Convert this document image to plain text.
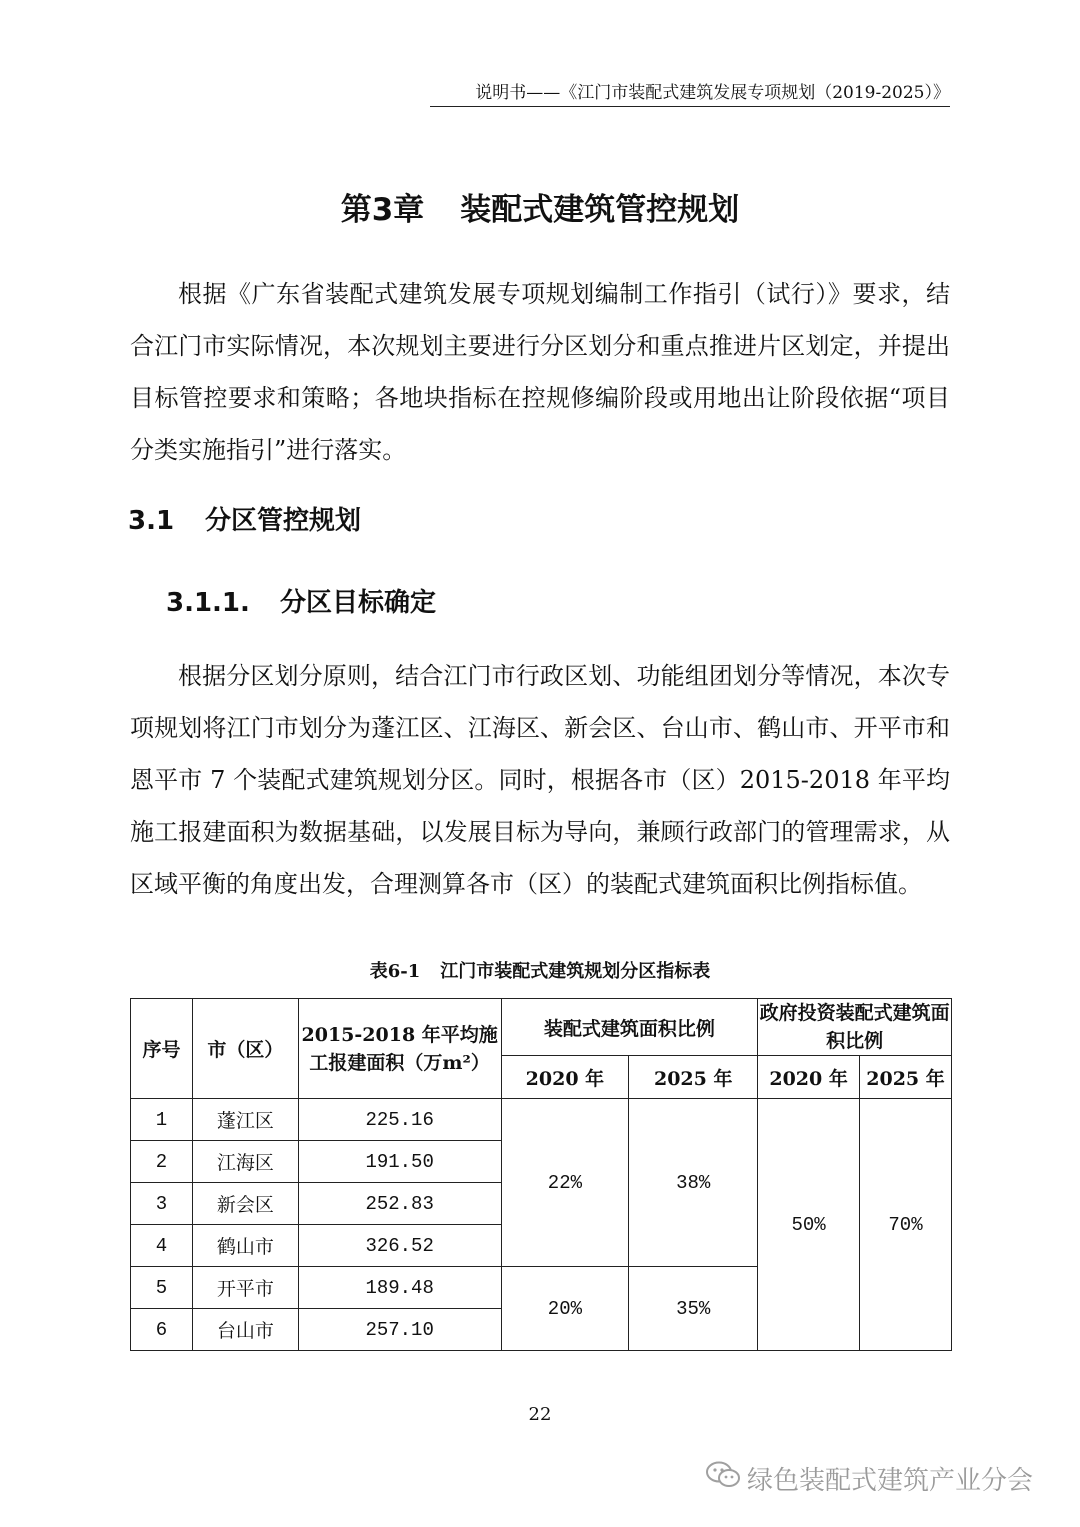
说明书——《江门市装配式建筑发展专项规划（2019-2025）》
第3章 装配式建筑管控规划

根据《广东省装配式建筑发展专项规划编制工作指引（试行）》要求，结合江门市实际情况，本次规划主要进行分区划分和重点推进片区划定，并提出目标管控要求和策略；各地块指标在控规修编阶段或用地出让阶段依据“项目分类实施指引”进行落实。

3.1 分区管控规划
3.1.1. 分区目标确定

根据分区划分原则，结合江门市行政区划、功能组团划分等情况，本次专项规划将江门市划分为蓬江区、江海区、新会区、台山市、鹤山市、开平市和恩平市 7 个装配式建筑规划分区。同时，根据各市（区）2015-2018 年平均施工报建面积为数据基础，以发展目标为导向，兼顾行政部门的管理需求，从区域平衡的角度出发，合理测算各市（区）的装配式建筑面积比例指标值。

表6-1 江门市装配式建筑规划分区指标表
序号	市（区）	2015-2018 年平均施工报建面积（万m²）	装配式建筑面积比例		政府投资装配式建筑面积比例	
			2020 年	2025 年	2020 年	2025 年
1	蓬江区	225.16	22%	38%	50%	70%
2	江海区	191.50				
3	新会区	252.83				
4	鹤山市	326.52				
5	开平市	189.48	20%	35%		
6	台山市	257.10				
22
绿色装配式建筑产业分会
